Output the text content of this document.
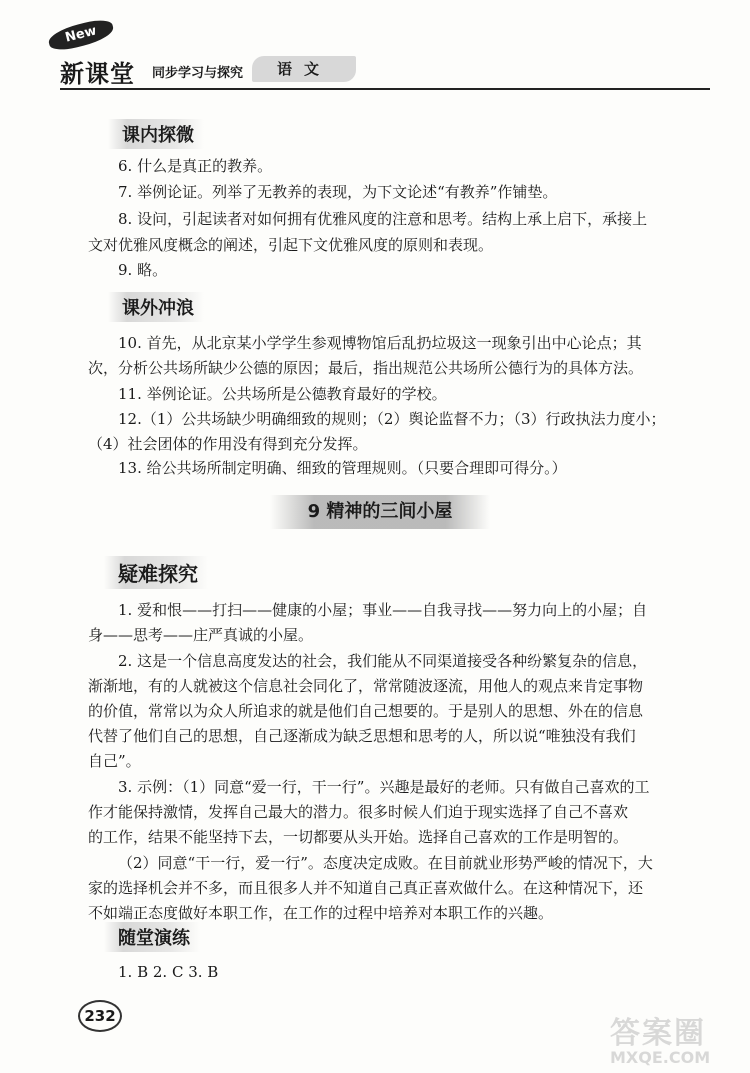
New
新课堂 同步学习与探究	语文
课内探微
6. 什么是真正的教养。
7. 举例论证。列举了无教养的表现，为下文论述“有教养”作铺垫。
8. 设问，引起读者对如何拥有优雅风度的注意和思考。结构上承上启下，承接上
文对优雅风度概念的阐述，引起下文优雅风度的原则和表现。
9. 略。
课外冲浪
10. 首先，从北京某小学学生参观博物馆后乱扔垃圾这一现象引出中心论点；其
次，分析公共场所缺少公德的原因；最后，指出规范公共场所公德行为的具体方法。
11. 举例论证。公共场所是公德教育最好的学校。
12.（1）公共场缺少明确细致的规则；（2）舆论监督不力；（3）行政执法力度小；
（4）社会团体的作用没有得到充分发挥。
13. 给公共场所制定明确、细致的管理规则。（只要合理即可得分。）
9 精神的三间小屋
疑难探究
1. 爱和恨——打扫——健康的小屋；事业——自我寻找——努力向上的小屋；自
身——思考——庄严真诚的小屋。
2. 这是一个信息高度发达的社会，我们能从不同渠道接受各种纷繁复杂的信息，
渐渐地，有的人就被这个信息社会同化了，常常随波逐流，用他人的观点来肯定事物
的价值，常常以为众人所追求的就是他们自己想要的。于是别人的思想、外在的信息
代替了他们自己的思想，自己逐渐成为缺乏思想和思考的人，所以说“唯独没有我们
自己”。
3. 示例：（1）同意“爱一行，干一行”。兴趣是最好的老师。只有做自己喜欢的工
作才能保持激情，发挥自己最大的潜力。很多时候人们迫于现实选择了自己不喜欢
的工作，结果不能坚持下去，一切都要从头开始。选择自己喜欢的工作是明智的。
（2）同意“干一行，爱一行”。态度决定成败。在目前就业形势严峻的情况下，大
家的选择机会并不多，而且很多人并不知道自己真正喜欢做什么。在这种情况下，还
不如端正态度做好本职工作，在工作的过程中培养对本职工作的兴趣。
随堂演练
1. B 2. C 3. B
232	答案圈
MXQE.COM
